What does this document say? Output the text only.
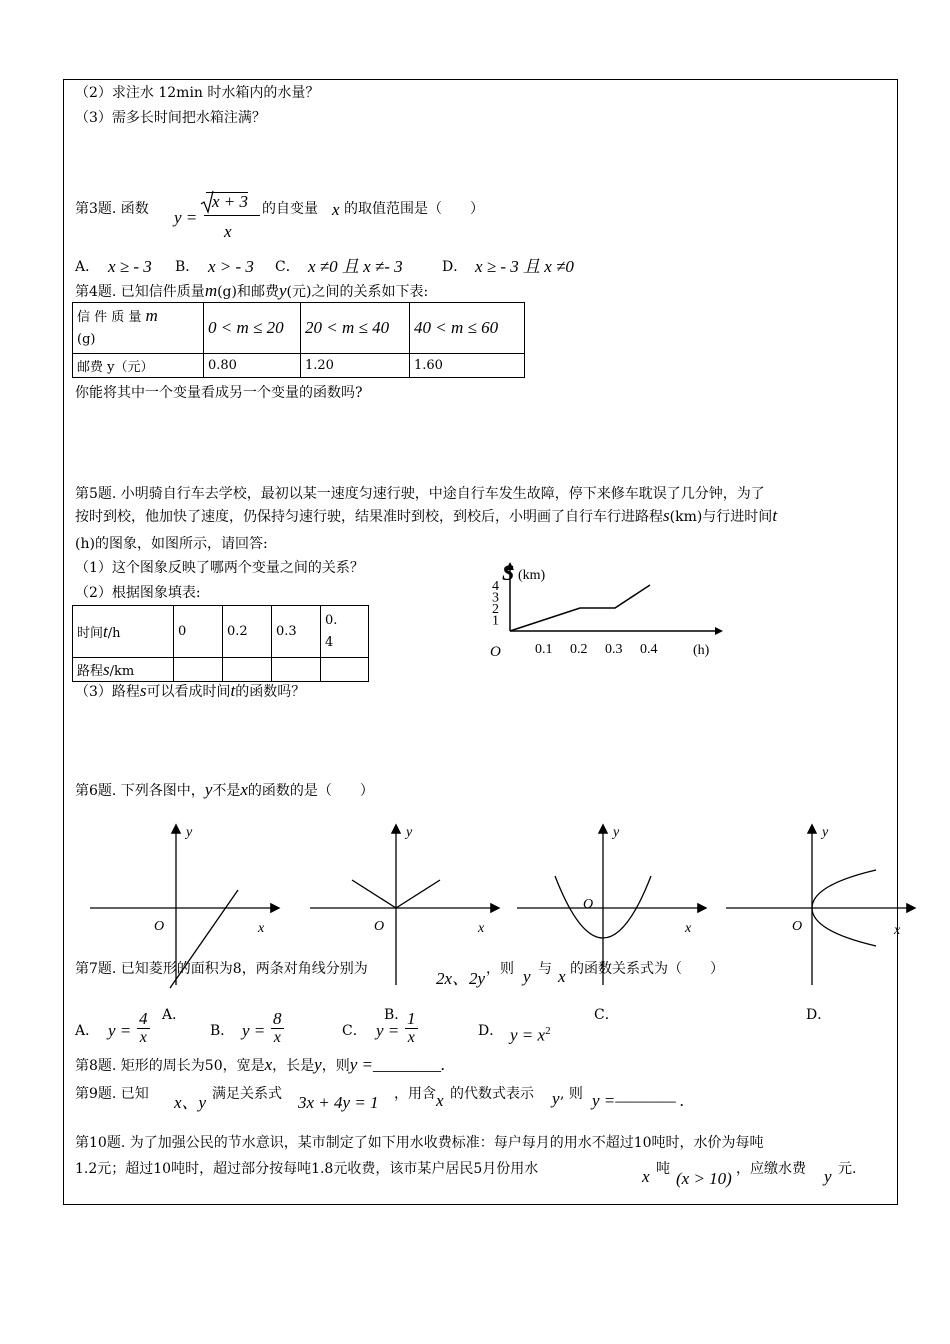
（2）求注水 12min 时水箱内的水量？
（3）需多长时间把水箱注满？
第3题. 函数 y =
x + 3
x
的自变量 x 的取值范围是（　　）
A． x ≥ - 3 B． x > - 3 C． x ≠0 且 x ≠- 3	D． x ≥ - 3 且 x ≠0
第4题. 已知信件质量m(g)和邮费y(元)之间的关系如下表:
信 件 质 量 m
(g)	0 < m ≤ 20	20 < m ≤ 40	40 < m ≤ 60
邮费 y（元）	0.80	1.20	1.60
你能将其中一个变量看成另一个变量的函数吗?
第5题. 小明骑自行车去学校，最初以某一速度匀速行驶，中途自行车发生故障，停下来修车耽误了几分钟，为了
按时到校，他加快了速度，仍保持匀速行驶，结果准时到校，到校后，小明画了自行车行进路程s(km)与行进时间t
(h)的图象，如图所示，请回答:
（1）这个图象反映了哪两个变量之间的关系？
（2）根据图象填表:
时间t/h	0	0.2	0.3	0.
4
路程s/km				
（3）路程s可以看成时间t的函数吗？
S (km)
O	(h)
1
2
3
4
0.1 0.2 0.3 0.4
第6题. 下列各图中，y不是x的函数的是（　　）
y
x
O
y
x
O
y
x
O
y
x
O
第7题. 已知菱形的面积为8，两条对角线分别为	2x、2y ，则 y 与 x 的函数关系式为（　　）
A．	B．	C．	D．
A． $y = \frac{4}{x}$	B． $y = \frac{8}{x}$	C． $y = \frac{1}{x}$	D． $y = x^2$
第8题. 矩形的周长为50，宽是x，长是y，则y =________.
第9题. 已知 x、y 满足关系式 3x + 4y = 1 ，用含 x 的代数式表示 y , 则 y =———— .
第10题. 为了加强公民的节水意识，某市制定了如下用水收费标准：每户每月的用水不超过10吨时，水价为每吨
1.2元；超过10吨时，超过部分按每吨1.8元收费，该市某户居民5月份用水	x 吨 (x > 10) ，应缴水费 y 元.
